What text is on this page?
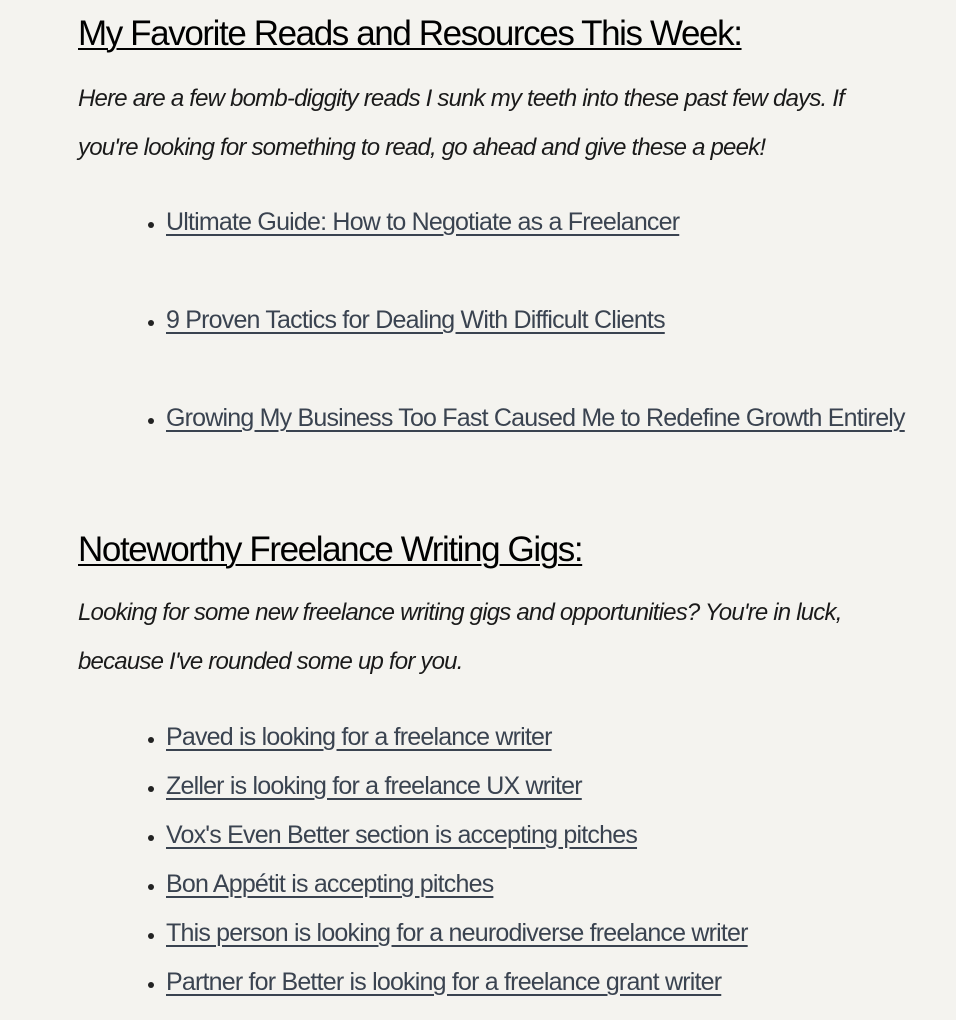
My Favorite Reads and Resources This Week:

Here are a few bomb-diggity reads I sunk my teeth into these past few days. If you're looking for something to read, go ahead and give these a peek!

• Ultimate Guide: How to Negotiate as a Freelancer
• 9 Proven Tactics for Dealing With Difficult Clients
• Growing My Business Too Fast Caused Me to Redefine Growth Entirely
Noteworthy Freelance Writing Gigs:

Looking for some new freelance writing gigs and opportunities? You're in luck, because I've rounded some up for you.

• Paved is looking for a freelance writer
• Zeller is looking for a freelance UX writer
• Vox's Even Better section is accepting pitches
• Bon Appétit is accepting pitches
• This person is looking for a neurodiverse freelance writer
• Partner for Better is looking for a freelance grant writer
